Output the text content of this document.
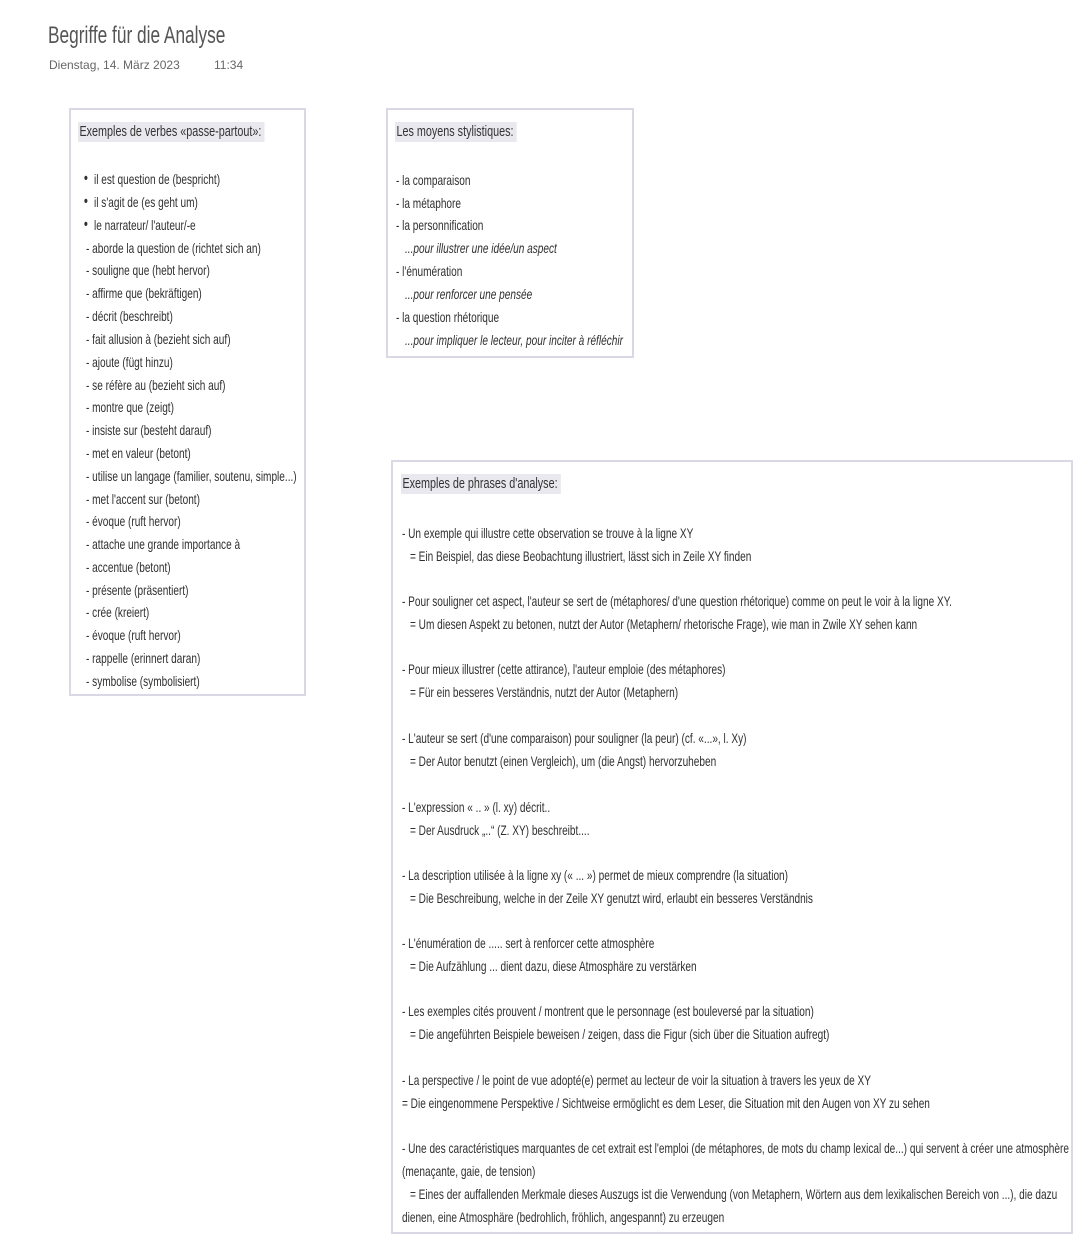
Begriffe für die Analyse
Dienstag, 14. März 2023	11:34
Exemples de verbes «passe-partout»:
• il est question de (bespricht)
• il s'agit de (es geht um)
• le narrateur/ l'auteur/-e
- aborde la question de (richtet sich an)
- souligne que (hebt hervor)
- affirme que (bekräftigen)
- décrit (beschreibt)
- fait allusion à (bezieht sich auf)
- ajoute (fügt hinzu)
- se réfère au (bezieht sich auf)
- montre que (zeigt)
- insiste sur (besteht darauf)
- met en valeur (betont)
- utilise un langage (familier, soutenu, simple...)
- met l'accent sur (betont)
- évoque (ruft hervor)
- attache une grande importance à
- accentue (betont)
- présente (präsentiert)
- crée (kreiert)
- évoque (ruft hervor)
- rappelle (erinnert daran)
- symbolise (symbolisiert)
Les moyens stylistiques:
- la comparaison
- la métaphore
- la personnification
...pour illustrer une idée/un aspect
- l'énumération
...pour renforcer une pensée
- la question rhétorique
...pour impliquer le lecteur, pour inciter à réfléchir
Exemples de phrases d'analyse:
- Un exemple qui illustre cette observation se trouve à la ligne XY
= Ein Beispiel, das diese Beobachtung illustriert, lässt sich in Zeile XY finden
- Pour souligner cet aspect, l'auteur se sert de (métaphores/ d'une question rhétorique) comme on peut le voir à la ligne XY.
= Um diesen Aspekt zu betonen, nutzt der Autor (Metaphern/ rhetorische Frage), wie man in Zwile XY sehen kann
- Pour mieux illustrer (cette attirance), l'auteur emploie (des métaphores)
= Für ein besseres Verständnis, nutzt der Autor (Metaphern)
- L'auteur se sert (d'une comparaison) pour souligner (la peur) (cf. «...», l. Xy)
= Der Autor benutzt (einen Vergleich), um (die Angst) hervorzuheben
- L'expression « .. » (l. xy) décrit..
= Der Ausdruck „..“ (Z. XY) beschreibt....
- La description utilisée à la ligne xy (« ... ») permet de mieux comprendre (la situation)
= Die Beschreibung, welche in der Zeile XY genutzt wird, erlaubt ein besseres Verständnis
- L'énumération de ..... sert à renforcer cette atmosphère
= Die Aufzählung ... dient dazu, diese Atmosphäre zu verstärken
- Les exemples cités prouvent / montrent que le personnage (est bouleversé par la situation)
= Die angeführten Beispiele beweisen / zeigen, dass die Figur (sich über die Situation aufregt)
- La perspective / le point de vue adopté(e) permet au lecteur de voir la situation à travers les yeux de XY
= Die eingenommene Perspektive / Sichtweise ermöglicht es dem Leser, die Situation mit den Augen von XY zu sehen
- Une des caractéristiques marquantes de cet extrait est l'emploi (de métaphores, de mots du champ lexical de...) qui servent à créer une atmosphère
(menaçante, gaie, de tension)
= Eines der auffallenden Merkmale dieses Auszugs ist die Verwendung (von Metaphern, Wörtern aus dem lexikalischen Bereich von ...), die dazu
dienen, eine Atmosphäre (bedrohlich, fröhlich, angespannt) zu erzeugen
